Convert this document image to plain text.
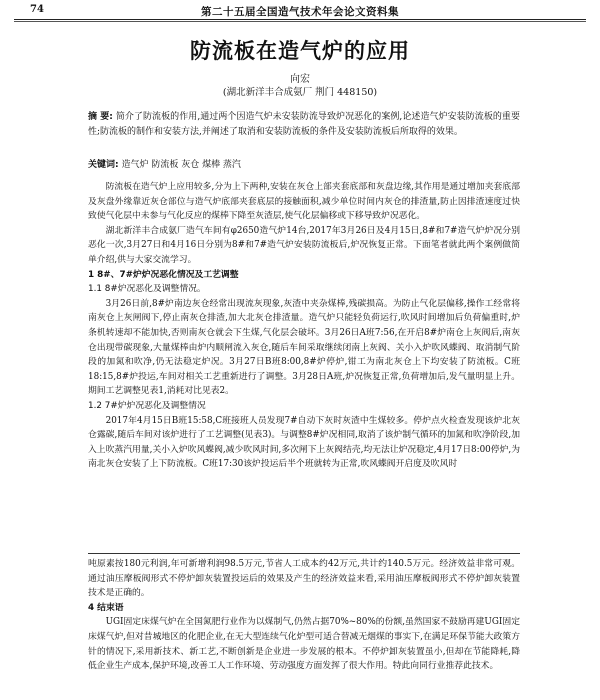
74	第二十五届全国造气技术年会论文资料集
防流板在造气炉的应用
向宏
(湖北新洋丰合成氨厂 荆门 448150)
摘 要: 简介了防流板的作用,通过两个因造气炉未安装防流导致炉况恶化的案例,论述造气炉安装防流板的重要性;防流板的制作和安装方法,并阐述了取消和安装防流板的条件及安装防流板后所取得的效果。
关键词: 造气炉 防流板 灰仓 煤棒 蒸汽

防流板在造气炉上应用较多,分为上下两种,安装在灰仓上部夹套底部和灰盘边缘,其作用是通过增加夹套底部及灰盘外缘靠近灰仓部位与造气炉底部夹套底层的接触面积,减少单位时间内灰仓的排渣量,防止因排渣速度过快致使气化层中未参与气化反应的煤棒下降至灰渣层,使气化层偏移或下移导致炉况恶化。

湖北新洋丰合成氨厂造气车间有φ2650造气炉14台,2017年3月26日及4月15日,8#和7#造气炉炉况分别恶化一次,3月27日和4月16日分别为8#和7#造气炉安装防流板后,炉况恢复正常。下面笔者就此两个案例做简单介绍,供与大家交流学习。

1 8#、7#炉炉况恶化情况及工艺调整
1.1 8#炉况恶化及调整情况。

3月26日前,8#炉南边灰仓经常出现流灰现象,灰渣中夹杂煤棒,残碳损高。为防止气化层偏移,操作工经常将南灰仓上灰闸阀下,停止南灰仓排渣,加大北灰仓排渣量。造气炉只能轻负荷运行,吹风时间增加后负荷偏重时,炉条机转速却不能加快,否则南灰仓就会下生煤,气化层会破坏。3月26日A班7:56,在开启8#炉南仓上灰阀后,南灰仓出现带碳现象,大量煤棒由炉内顺闸流入灰仓,随后车间采取继续闭南上灰阀、关小入炉吹风蝶阀、取消制气阶段的加氮和吹净,仍无法稳定炉况。3月27日B班8:00,8#炉停炉,钳工为南北灰仓上下均安装了防流板。C班18:15,8#炉投运,车间对相关工艺重新进行了调整。3月28日A班,炉况恢复正常,负荷增加后,发气量明显上升。期间工艺调整见表1,消耗对比见表2。

1.2 7#炉炉况恶化及调整情况

2017年4月15日B班15:58,C班接班人员发现7#自动下灰时灰渣中生煤较多。停炉点火检查发现该炉北灰仓露碳,随后车间对该炉进行了工艺调整(见表3)。与调整8#炉况相同,取消了该炉制气循环的加氮和吹净阶段,加入上吹蒸汽用量,关小入炉吹风蝶阀,减少吹风时间,多次闸下上灰阀结壳,均无法让炉况稳定,4月17日8:00停炉,为南北灰仓安装了上下防流板。C班17:30该炉投运后半个班就转为正常,吹风蝶阀开启度及吹风时

吨原素按180元利润,年可新增利润98.5万元,节省人工成本约42万元,共计约140.5万元。经济效益非常可观。通过油压摩板阀形式不停炉卸灰装置投运后的效果及产生的经济效益来看,采用油压摩板阀形式不停炉卸灰装置技术是正确的。

4 结束语

UGI固定床煤气炉在全国氮肥行业作为以煤制气,仍然占据70%~80%的份额,虽然国家不鼓励再建UGI固定床煤气炉,但对昔城地区的化肥企业,在无大型连续气化炉型可适合替减无烟煤的事实下,在满足环保节能大政策方针的情况下,采用新技术、新工艺,不断创新是企业进一步发展的根本。不停炉卸灰装置虽小,但却在节能降耗,降低企业生产成本,保护环境,改善工人工作环境、劳动强度方面发挥了很大作用。特此向同行业推荐此技术。
